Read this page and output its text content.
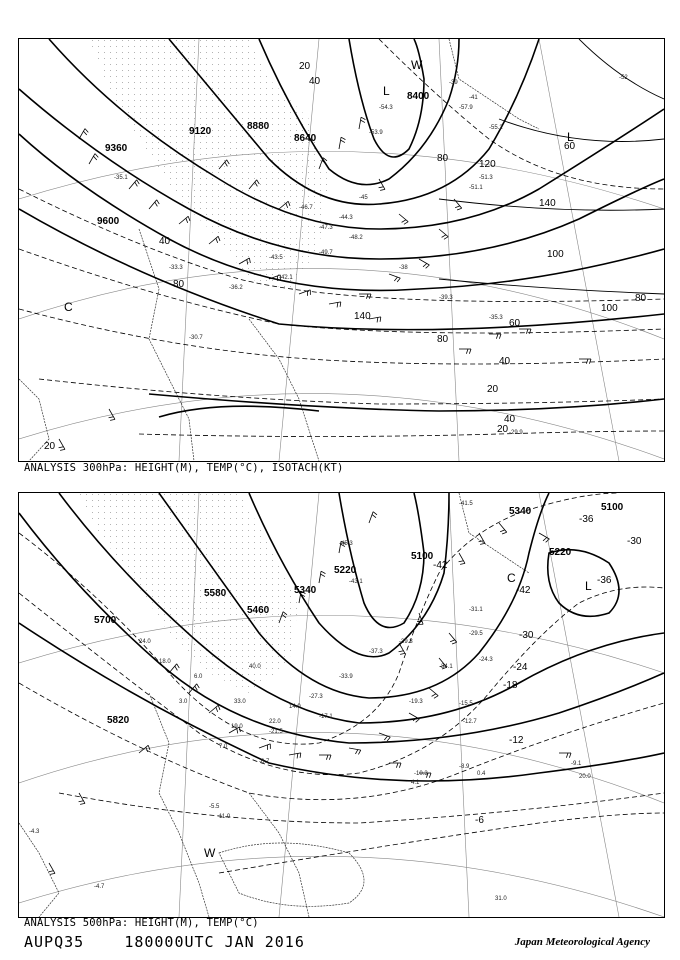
-39
-41
-45
-47.3
-49.7
-51.3
-53.9
-54.3
-55.2
-57.9
-35.1
-33.3
-43.5
-36.2
-42.1
-48.2
-39.3
-44.3
-51.1
-46.7
-29.9
-30.7
-35.3
-38
-52
9600
9360
9120	8880
8640
8400
20
40
60
80
100
120
140
80
60
40
20
100
80
40
20
20
40
80
140
L
L
C
W
ANALYSIS 300hPa: HEIGHT(M), TEMP(°C), ISOTACH(KT)
-41.5
-45.3
-43.1
-39.3
-34.1
-31.1
-29.5
-24.3
-19.3
-17.1
-15.5
-12.7
-9.1
-8.9
-6.7
-5.5
-4.3
-4.7
-10.3
-21.5
-27.3
-33.9
-37.3
11.0
20.0
31.0
40.0
14.0
33.0
22.0
7.0
3.0
6.0
19.0
0.4
4.1
24.0
18.0
5700
5820
5580
5460
5340
5220
5100
5100
5340
5220
-42
-42
-36
-36
-30
-30
-24
-18
-12
-6
L
C
W
ANALYSIS 500hPa: HEIGHT(M), TEMP(°C)
AUPQ35	180000UTC JAN 2016	Japan Meteorological Agency
